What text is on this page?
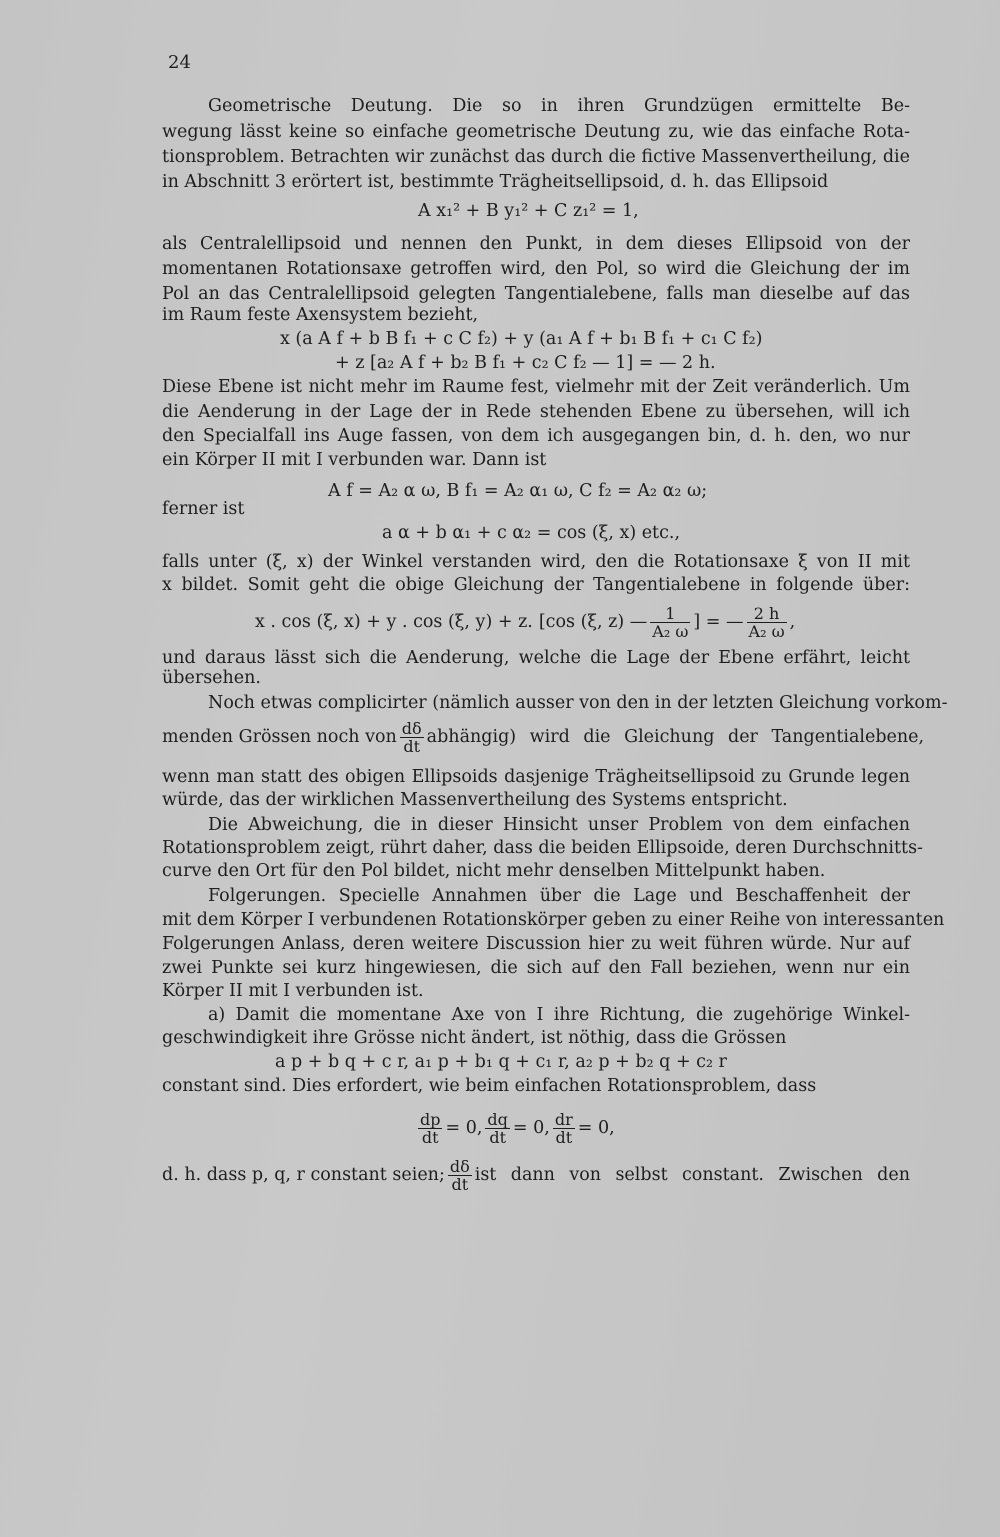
24
Geometrische Deutung. Die so in ihren Grundzügen ermittelte Be-
wegung lässt keine so einfache geometrische Deutung zu, wie das einfache Rota-
tionsproblem. Betrachten wir zunächst das durch die fictive Massenvertheilung, die
in Abschnitt 3 erörtert ist, bestimmte Trägheitsellipsoid, d. h. das Ellipsoid
A x₁² + B y₁² + C z₁² = 1,
als Centralellipsoid und nennen den Punkt, in dem dieses Ellipsoid von der
momentanen Rotationsaxe getroffen wird, den Pol, so wird die Gleichung der im
Pol an das Centralellipsoid gelegten Tangentialebene, falls man dieselbe auf das
im Raum feste Axensystem bezieht,
x (a A f + b B f₁ + c C f₂) + y (a₁ A f + b₁ B f₁ + c₁ C f₂)
+ z [a₂ A f + b₂ B f₁ + c₂ C f₂ — 1] = — 2 h.
Diese Ebene ist nicht mehr im Raume fest, vielmehr mit der Zeit veränderlich. Um
die Aenderung in der Lage der in Rede stehenden Ebene zu übersehen, will ich
den Specialfall ins Auge fassen, von dem ich ausgegangen bin, d. h. den, wo nur
ein Körper II mit I verbunden war. Dann ist
A f = A₂ α ω, B f₁ = A₂ α₁ ω, C f₂ = A₂ α₂ ω;
ferner ist
a α + b α₁ + c α₂ = cos (ξ, x) etc.,
falls unter (ξ, x) der Winkel verstanden wird, den die Rotationsaxe ξ von II mit
x bildet. Somit geht die obige Gleichung der Tangentialebene in folgende über:
x . cos (ξ, x) + y . cos (ξ, y) + z. [cos (ξ, z) — $\frac{1}{\text{A₂ ω}}$ ] = — $\frac{2 h}{\text{A₂ ω}}$ ,
und daraus lässt sich die Aenderung, welche die Lage der Ebene erfährt, leicht
übersehen.
Noch etwas complicirter (nämlich ausser von den in der letzten Gleichung vorkom-
menden Grössen noch von $\frac{d\delta}{dt}$ abhängig) wird die Gleichung der Tangentialebene,
wenn man statt des obigen Ellipsoids dasjenige Trägheitsellipsoid zu Grunde legen
würde, das der wirklichen Massenvertheilung des Systems entspricht.
Die Abweichung, die in dieser Hinsicht unser Problem von dem einfachen
Rotationsproblem zeigt, rührt daher, dass die beiden Ellipsoide, deren Durchschnitts-
curve den Ort für den Pol bildet, nicht mehr denselben Mittelpunkt haben.
Folgerungen. Specielle Annahmen über die Lage und Beschaffenheit der
mit dem Körper I verbundenen Rotationskörper geben zu einer Reihe von interessanten
Folgerungen Anlass, deren weitere Discussion hier zu weit führen würde. Nur auf
zwei Punkte sei kurz hingewiesen, die sich auf den Fall beziehen, wenn nur ein
Körper II mit I verbunden ist.
a) Damit die momentane Axe von I ihre Richtung, die zugehörige Winkel-
geschwindigkeit ihre Grösse nicht ändert, ist nöthig, dass die Grössen
a p + b q + c r, a₁ p + b₁ q + c₁ r, a₂ p + b₂ q + c₂ r
constant sind. Dies erfordert, wie beim einfachen Rotationsproblem, dass
$\frac{dp}{dt} = 0$, $\frac{dq}{dt} = 0$, $\frac{dr}{dt} = 0$,
d. h. dass p, q, r constant seien; $\frac{d\delta}{dt}$ ist dann von selbst constant. Zwischen den
